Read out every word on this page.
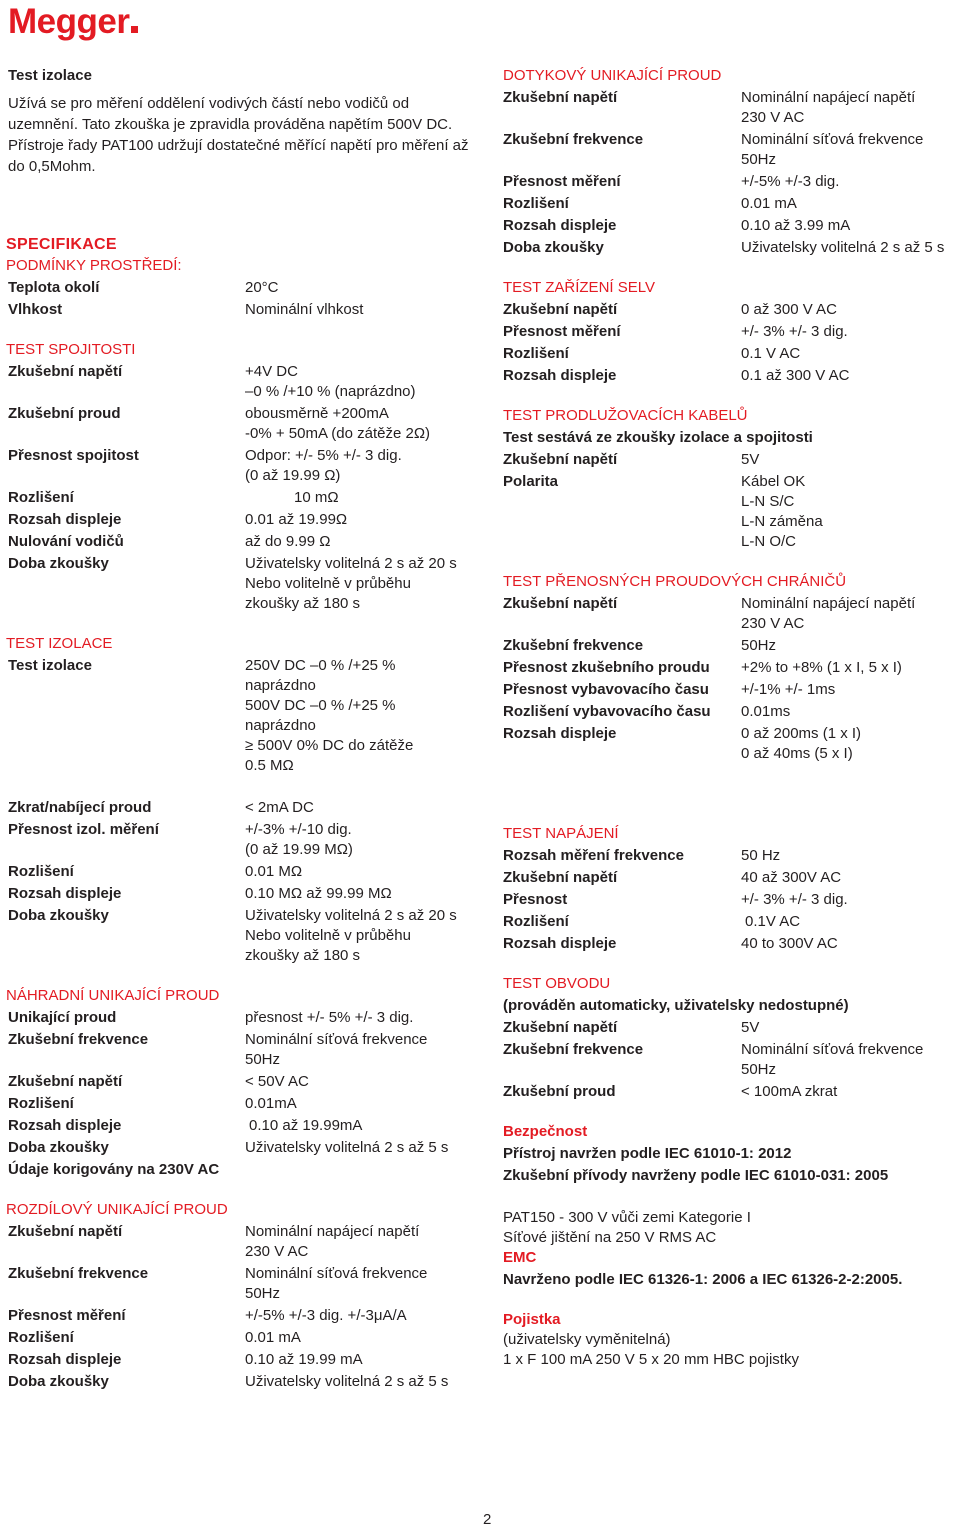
Megger
Test izolace
Užívá se pro měření oddělení vodivých částí nebo vodičů od uzemnění. Tato zkouška je zpravidla prováděna napětím 500V DC. Přístroje řady PAT100 udržují dostatečné měřící napětí pro měření až do 0,5Mohm.
SPECIFIKACE
PODMÍNKY PROSTŘEDÍ:
Teplota okolí	20°C
Vlhkost	Nominální vlhkost
TEST SPOJITOSTI
Zkušební napětí	+4V DC
–0 % /+10 % (naprázdno)
Zkušební proud	obousměrně +200mA
-0% + 50mA (do zátěže 2Ω)
Přesnost spojitost	Odpor: +/- 5% +/- 3 dig.
(0 až 19.99 Ω)
Rozlišení	10 mΩ
Rozsah displeje	0.01 až 19.99Ω
Nulování vodičů	až do 9.99 Ω
Doba zkoušky	Uživatelsky volitelná 2 s až 20 s
Nebo volitelně v průběhu
zkoušky až 180 s
TEST IZOLACE
Test izolace	250V DC –0 % /+25 %
naprázdno
500V DC –0 % /+25 %
naprázdno
≥ 500V 0% DC do zátěže
0.5 MΩ
Zkrat/nabíjecí proud	< 2mA DC
Přesnost izol. měření	+/-3% +/-10 dig.
(0 až 19.99 MΩ)
Rozlišení	0.01 MΩ
Rozsah displeje	0.10 MΩ až 99.99 MΩ
Doba zkoušky	Uživatelsky volitelná 2 s až 20 s
Nebo volitelně v průběhu
zkoušky až 180 s
NÁHRADNÍ UNIKAJÍCÍ PROUD
Unikající proud	přesnost +/- 5% +/- 3 dig.
Zkušební frekvence	Nominální síťová frekvence
50Hz
Zkušební napětí	< 50V AC
Rozlišení	0.01mA
Rozsah displeje	0.10 až 19.99mA
Doba zkoušky	Uživatelsky volitelná 2 s až 5 s
Údaje korigovány na 230V AC
ROZDÍLOVÝ UNIKAJÍCÍ PROUD
Zkušební napětí	Nominální napájecí napětí
230 V AC
Zkušební frekvence	Nominální síťová frekvence
50Hz
Přesnost měření	+/-5% +/-3 dig. +/-3μA/A
Rozlišení	0.01 mA
Rozsah displeje	0.10 až 19.99 mA
Doba zkoušky	Uživatelsky volitelná 2 s až 5 s
DOTYKOVÝ UNIKAJÍCÍ PROUD
Zkušební napětí	Nominální napájecí napětí
230 V AC
Zkušební frekvence	Nominální síťová frekvence
50Hz
Přesnost měření	+/-5% +/-3 dig.
Rozlišení	0.01 mA
Rozsah displeje	0.10 až 3.99 mA
Doba zkoušky	Uživatelsky volitelná 2 s až 5 s
TEST ZAŘÍZENÍ SELV
Zkušební napětí	0 až 300 V AC
Přesnost měření	+/- 3% +/- 3 dig.
Rozlišení	0.1 V AC
Rozsah displeje	0.1 až 300 V AC
TEST PRODLUŽOVACÍCH KABELŮ
Test sestává ze zkoušky izolace a spojitosti
Zkušební napětí	5V
Polarita	Kábel OK
L-N S/C
L-N záměna
L-N O/C
TEST PŘENOSNÝCH PROUDOVÝCH CHRÁNIČŮ
Zkušební napětí	Nominální napájecí napětí
230 V AC
Zkušební frekvence	50Hz
Přesnost zkušebního proudu +2% to +8% (1 x I, 5 x I)
Přesnost vybavovacího času +/-1% +/- 1ms
Rozlišení vybavovacího času 0.01ms
Rozsah displeje	0 až 200ms (1 x I)
0 až 40ms (5 x I)
TEST NAPÁJENÍ
Rozsah měření frekvence	50 Hz
Zkušební napětí	40 až 300V AC
Přesnost	+/- 3% +/- 3 dig.
Rozlišení	0.1V AC
Rozsah displeje	40 to 300V AC
TEST OBVODU
(prováděn automaticky, uživatelsky nedostupné)
Zkušební napětí	5V
Zkušební frekvence	Nominální síťová frekvence
50Hz
Zkušební proud	< 100mA zkrat
Bezpečnost
Přístroj navržen podle IEC 61010-1: 2012
Zkušební přívody navrženy podle IEC 61010-031: 2005
PAT150 - 300 V vůči zemi Kategorie I
Síťové jištění na 250 V RMS AC
EMC
Navrženo podle IEC 61326-1: 2006 a IEC 61326-2-2:2005.
Pojistka
(uživatelsky vyměnitelná)
1 x F 100 mA 250 V 5 x 20 mm HBC pojistky
2
